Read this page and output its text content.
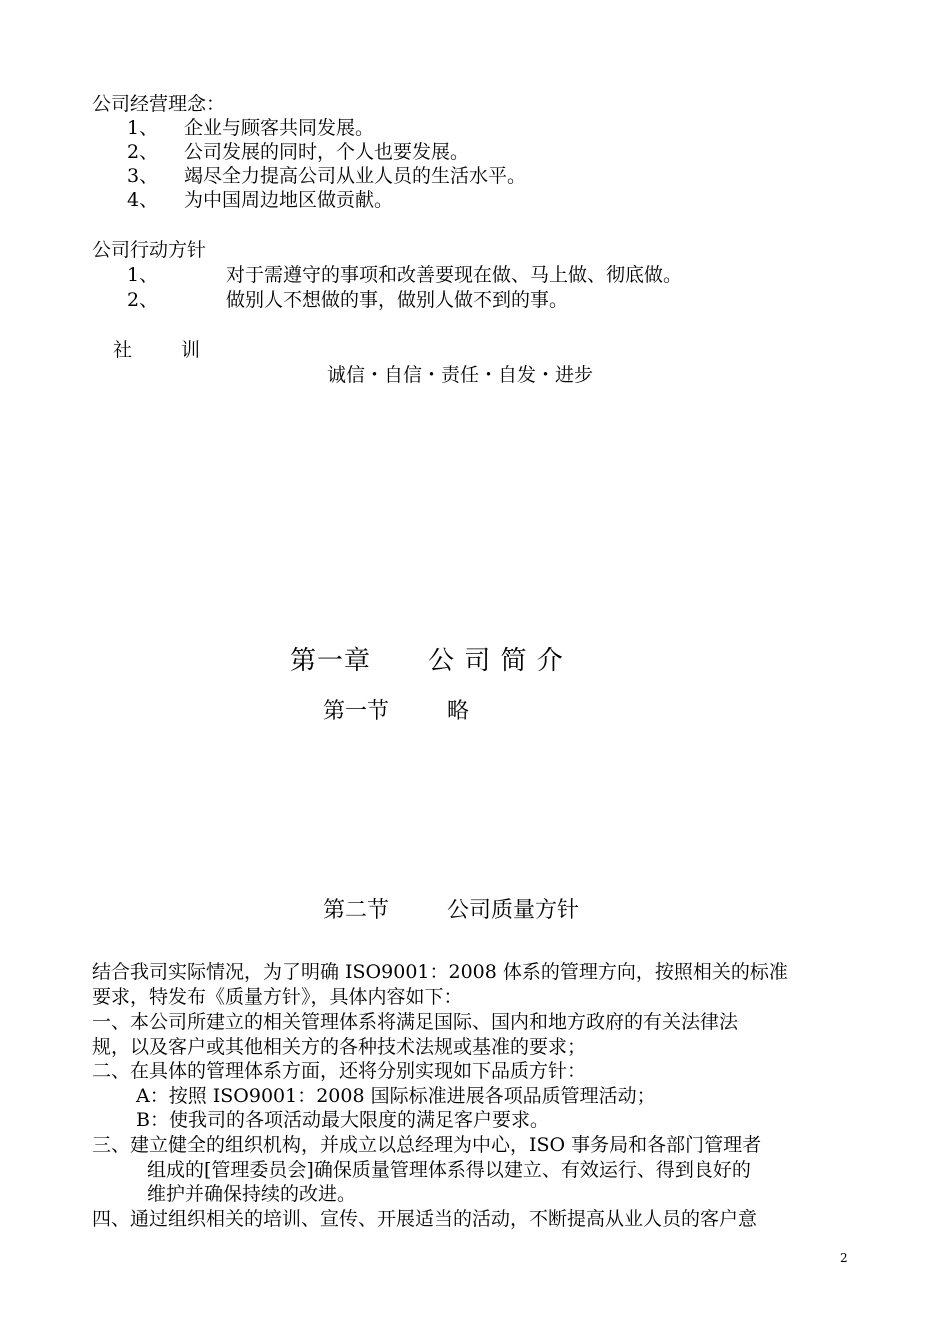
公司经营理念：
1、 企业与顾客共同发展。
2、 公司发展的同时，个人也要发展。
3、 竭尽全力提高公司从业人员的生活水平。
4、 为中国周边地区做贡献。
公司行动方针
1、	对于需遵守的事项和改善要现在做、马上做、彻底做。
2、	做别人不想做的事，做别人做不到的事。
社	训
诚信・自信・责任・自发・进步
第一章 公 司 简 介
第一节	略
第二节	公司质量方针
结合我司实际情况，为了明确 ISO9001：2008 体系的管理方向，按照相关的标准
要求，特发布《质量方针》，具体内容如下：
一、本公司所建立的相关管理体系将满足国际、国内和地方政府的有关法律法
规，以及客户或其他相关方的各种技术法规或基准的要求；
二、在具体的管理体系方面，还将分别实现如下品质方针：
A：按照 ISO9001：2008 国际标准进展各项品质管理活动；
B：使我司的各项活动最大限度的满足客户要求。
三、建立健全的组织机构，并成立以总经理为中心，ISO 事务局和各部门管理者
组成的[管理委员会]确保质量管理体系得以建立、有效运行、得到良好的
维护并确保持续的改进。
四、通过组织相关的培训、宣传、开展适当的活动，不断提高从业人员的客户意
2
